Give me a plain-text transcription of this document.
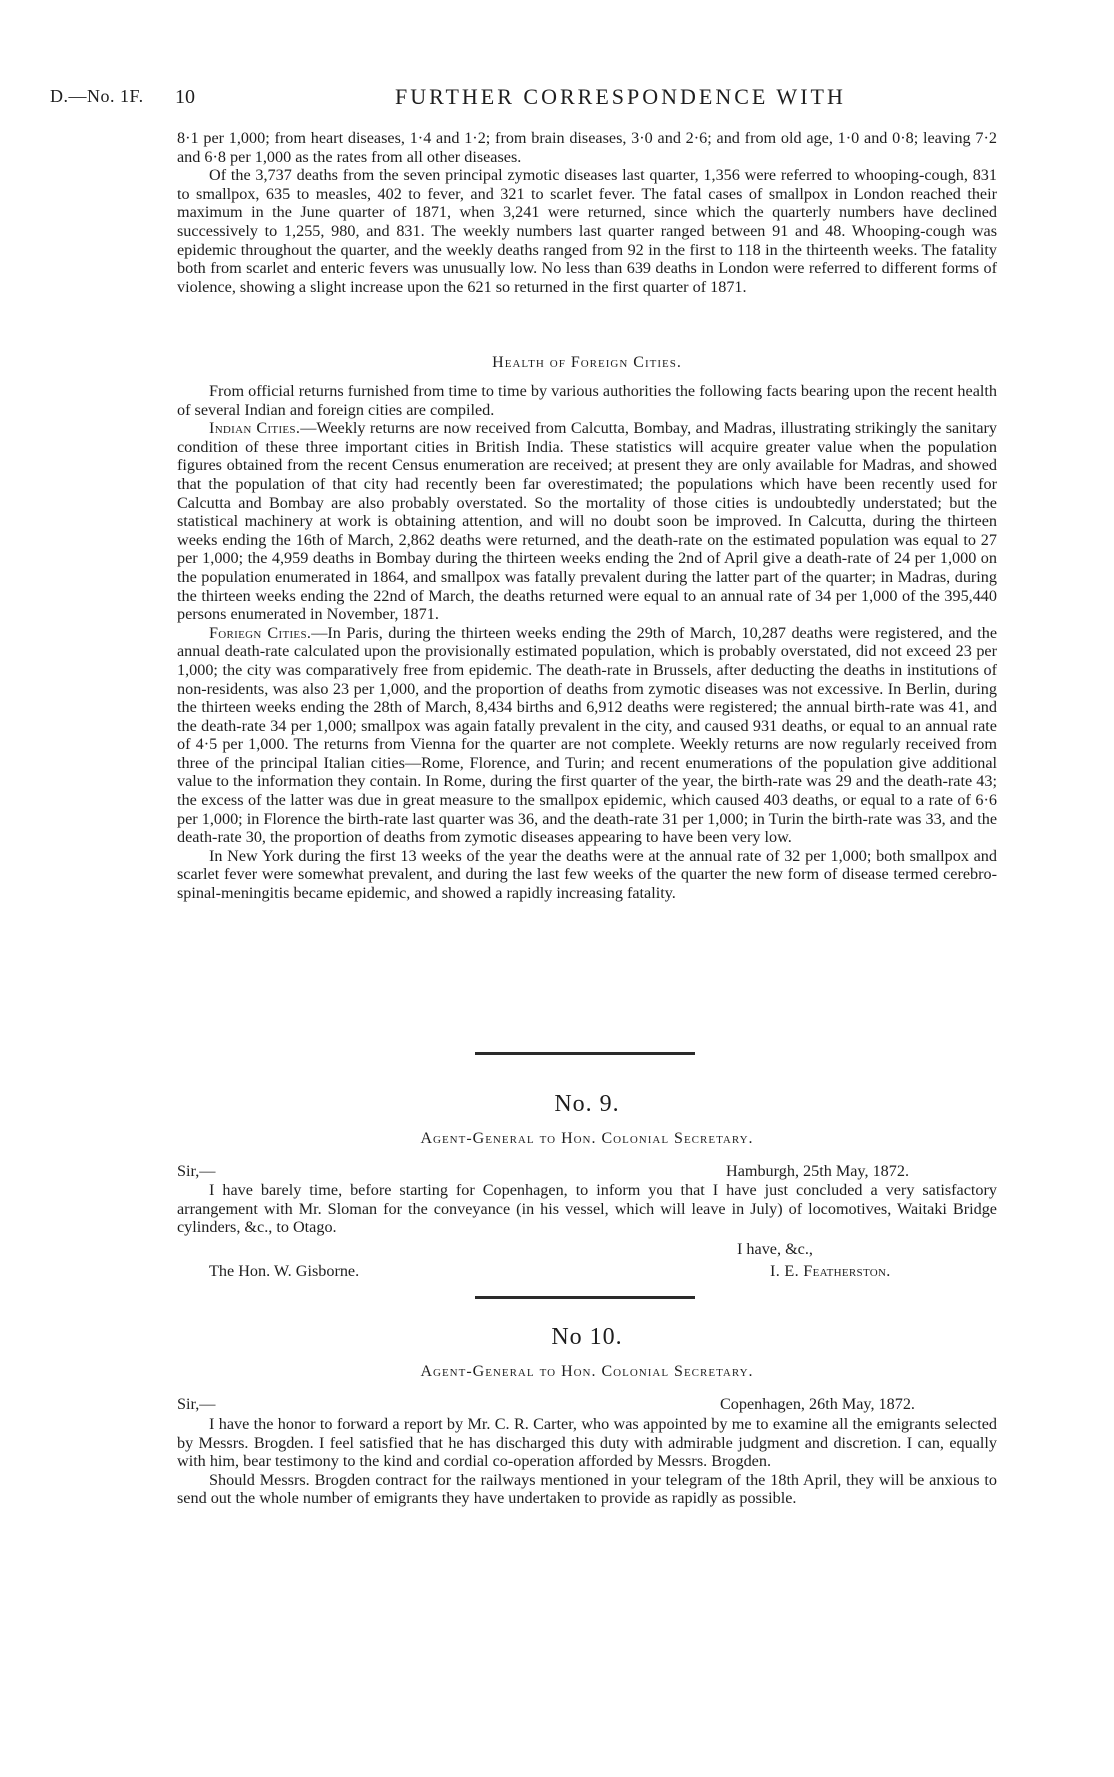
D.—No. 1F. 10	FURTHER CORRESPONDENCE WITH

8·1 per 1,000; from heart diseases, 1·4 and 1·2; from brain diseases, 3·0 and 2·6; and from old age, 1·0 and 0·8; leaving 7·2 and 6·8 per 1,000 as the rates from all other diseases.

Of the 3,737 deaths from the seven principal zymotic diseases last quarter, 1,356 were referred to whooping-cough, 831 to smallpox, 635 to measles, 402 to fever, and 321 to scarlet fever. The fatal cases of smallpox in London reached their maximum in the June quarter of 1871, when 3,241 were returned, since which the quarterly numbers have declined successively to 1,255, 980, and 831. The weekly numbers last quarter ranged between 91 and 48. Whooping-cough was epidemic throughout the quarter, and the weekly deaths ranged from 92 in the first to 118 in the thirteenth weeks. The fatality both from scarlet and enteric fevers was unusually low. No less than 639 deaths in London were referred to different forms of violence, showing a slight increase upon the 621 so returned in the first quarter of 1871.

Health of Foreign Cities.

From official returns furnished from time to time by various authorities the following facts bearing upon the recent health of several Indian and foreign cities are compiled.

Indian Cities.—Weekly returns are now received from Calcutta, Bombay, and Madras, illustrating strikingly the sanitary condition of these three important cities in British India. These statistics will acquire greater value when the population figures obtained from the recent Census enumeration are received; at present they are only available for Madras, and showed that the population of that city had recently been far overestimated; the populations which have been recently used for Calcutta and Bombay are also probably overstated. So the mortality of those cities is undoubtedly understated; but the statistical machinery at work is obtaining attention, and will no doubt soon be improved. In Calcutta, during the thirteen weeks ending the 16th of March, 2,862 deaths were returned, and the death-rate on the estimated population was equal to 27 per 1,000; the 4,959 deaths in Bombay during the thirteen weeks ending the 2nd of April give a death-rate of 24 per 1,000 on the population enumerated in 1864, and smallpox was fatally prevalent during the latter part of the quarter; in Madras, during the thirteen weeks ending the 22nd of March, the deaths returned were equal to an annual rate of 34 per 1,000 of the 395,440 persons enumerated in November, 1871.

Foriegn Cities.—In Paris, during the thirteen weeks ending the 29th of March, 10,287 deaths were registered, and the annual death-rate calculated upon the provisionally estimated population, which is probably overstated, did not exceed 23 per 1,000; the city was comparatively free from epidemic. The death-rate in Brussels, after deducting the deaths in institutions of non-residents, was also 23 per 1,000, and the proportion of deaths from zymotic diseases was not excessive. In Berlin, during the thirteen weeks ending the 28th of March, 8,434 births and 6,912 deaths were registered; the annual birth-rate was 41, and the death-rate 34 per 1,000; smallpox was again fatally prevalent in the city, and caused 931 deaths, or equal to an annual rate of 4·5 per 1,000. The returns from Vienna for the quarter are not complete. Weekly returns are now regularly received from three of the principal Italian cities—Rome, Florence, and Turin; and recent enumerations of the population give additional value to the information they contain. In Rome, during the first quarter of the year, the birth-rate was 29 and the death-rate 43; the excess of the latter was due in great measure to the smallpox epidemic, which caused 403 deaths, or equal to a rate of 6·6 per 1,000; in Florence the birth-rate last quarter was 36, and the death-rate 31 per 1,000; in Turin the birth-rate was 33, and the death-rate 30, the proportion of deaths from zymotic diseases appearing to have been very low.

In New York during the first 13 weeks of the year the deaths were at the annual rate of 32 per 1,000; both smallpox and scarlet fever were somewhat prevalent, and during the last few weeks of the quarter the new form of disease termed cerebro-spinal-meningitis became epidemic, and showed a rapidly increasing fatality.

No. 9.
Agent-General to Hon. Colonial Secretary.
Sir,—	Hamburgh, 25th May, 1872.

I have barely time, before starting for Copenhagen, to inform you that I have just concluded a very satisfactory arrangement with Mr. Sloman for the conveyance (in his vessel, which will leave in July) of locomotives, Waitaki Bridge cylinders, &c., to Otago.

I have, &c.,
The Hon. W. Gisborne.	I. E. Featherston.
No 10.
Agent-General to Hon. Colonial Secretary.
Sir,—	Copenhagen, 26th May, 1872.

I have the honor to forward a report by Mr. C. R. Carter, who was appointed by me to examine all the emigrants selected by Messrs. Brogden. I feel satisfied that he has discharged this duty with admirable judgment and discretion. I can, equally with him, bear testimony to the kind and cordial co-operation afforded by Messrs. Brogden.

Should Messrs. Brogden contract for the railways mentioned in your telegram of the 18th April, they will be anxious to send out the whole number of emigrants they have undertaken to provide as rapidly as possible.
